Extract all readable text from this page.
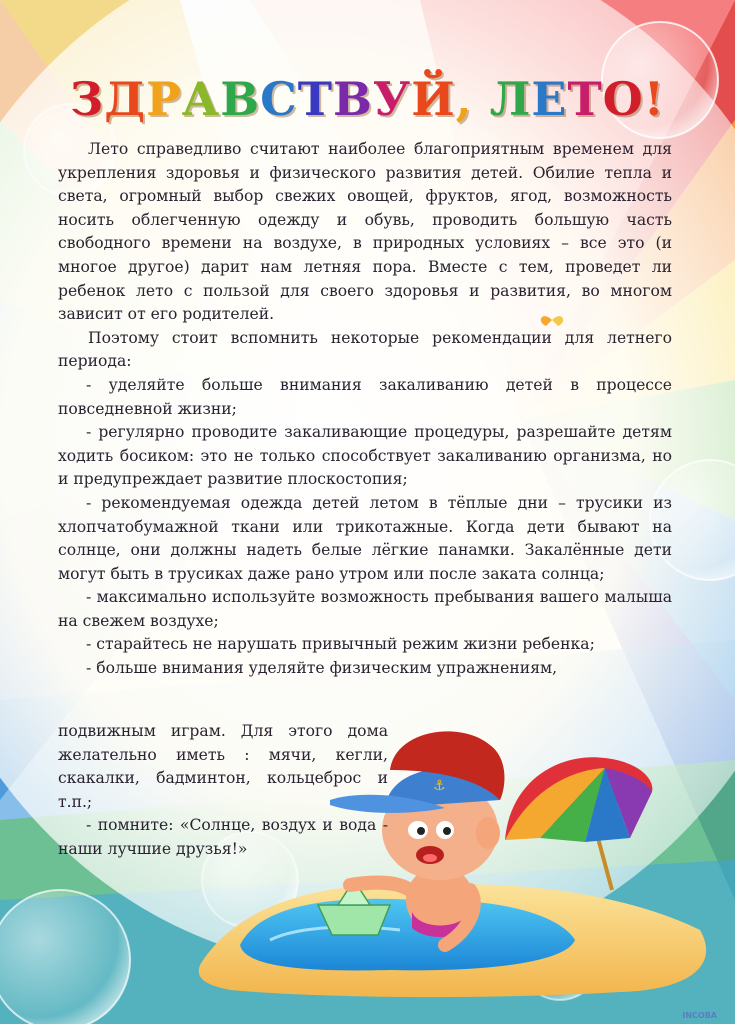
⚓
ЗДРАВСТВУЙ, ЛЕТО!

Лето справедливо считают наиболее благоприятным временем для укрепления здоровья и физического развития детей. Обилие тепла и света, огромный выбор свежих овощей, фруктов, ягод, возможность носить облегченную одежду и обувь, проводить большую часть свободного времени на воздухе, в природных условиях – все это (и многое другое) дарит нам летняя пора. Вместе с тем, проведет ли ребенок лето с пользой для своего здоровья и развития, во многом зависит от его родителей.

Поэтому стоит вспомнить некоторые рекомендации для летнего периода:

- уделяйте больше внимания закаливанию детей в процессе повседневной жизни;

- регулярно проводите закаливающие процедуры, разрешайте детям ходить босиком: это не только способствует закаливанию организма, но и предупреждает развитие плоскостопия;

- рекомендуемая одежда детей летом в тёплые дни – трусики из хлопчатобумажной ткани или трикотажные. Когда дети бывают на солнце, они должны надеть белые лёгкие панамки. Закалённые дети могут быть в трусиках даже рано утром или после заката солнца;

- максимально используйте возможность пребывания вашего малыша на свежем воздухе;

- старайтесь не нарушать привычный режим жизни ребенка;

- больше внимания уделяйте физическим упражнениям,

подвижным играм. Для этого дома желательно иметь : мячи, кегли, скакалки, бадминтон, кольцеброс и т.п.;

- помните: «Солнце, воздух и вода - наши лучшие друзья!»

INCOBA
